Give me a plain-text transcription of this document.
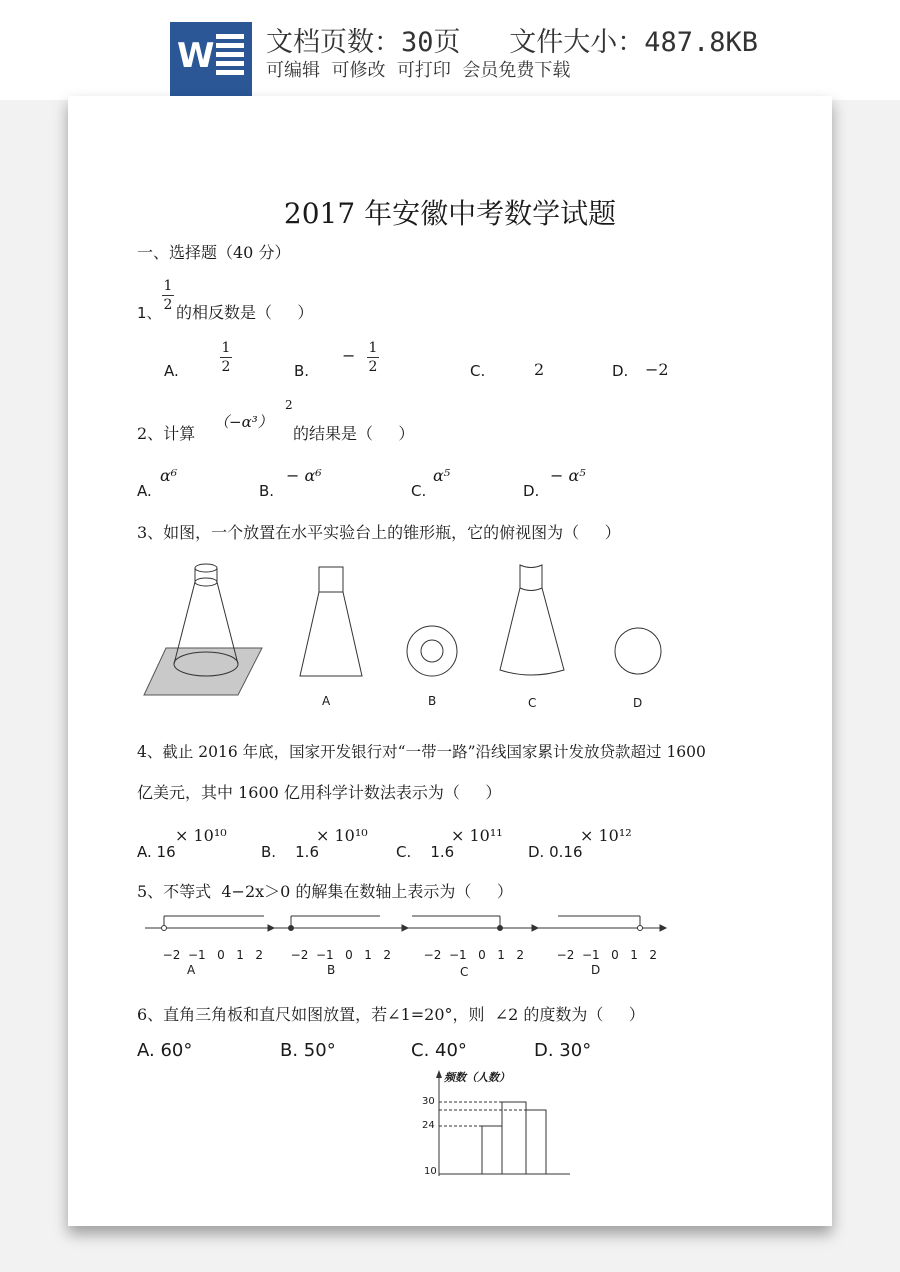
W 文档页数：30页   文件大小：487.8KB
可编辑  可修改  可打印  会员免费下载
2017 年安徽中考数学试题
一、选择题（40 分）
1、
1
2 的相反数是（     ）
A.
1
2	B.
− 1
2	C.	2	D. −2
2、计算
（−α³）
2
的结果是（     ）
A.
α⁶
B.
− α⁶
C.
α⁵
D.
− α⁵
3、如图，一个放置在水平实验台上的锥形瓶，它的俯视图为（     ）
A	B	C	D
4、截止 2016 年底，国家开发银行对“一带一路”沿线国家累计发放贷款超过 1600
亿美元，其中 1600 亿用科学计数法表示为（     ）
A. 16
× 10¹⁰
B.    1.6
× 10¹⁰
C.    1.6
× 10¹¹
D. 0.16
× 10¹²
5、不等式  4−2x＞0 的解集在数轴上表示为（     ）

−2 −1 0 1 2	−2 −1 0 1 2	−2 −1 0 1 2	−2 −1 0 1 2

A	B	C	D
6、直角三角板和直尺如图放置，若∠1=20°，则  ∠2 的度数为（     ）
A. 60°	B. 50°	C. 40°	D. 30°
频数（人数）
30
24
10
